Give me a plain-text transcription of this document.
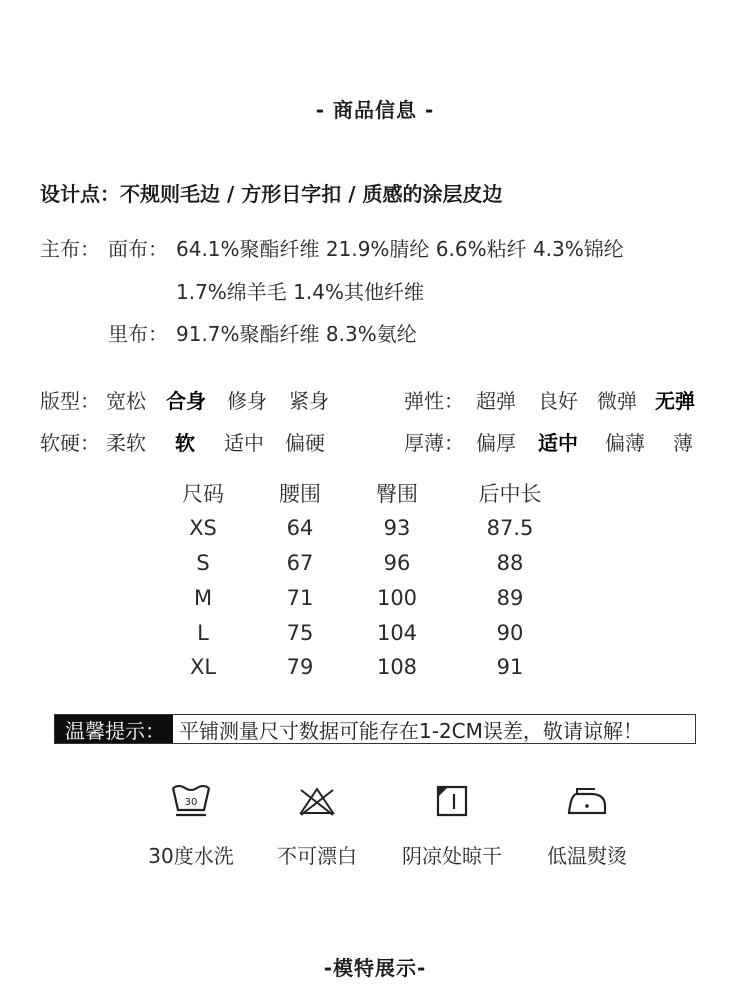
- 商品信息 -
设计点：不规则毛边 / 方形日字扣 / 质感的涂层皮边
主布： 面布： 64.1%聚酯纤维 21.9%腈纶 6.6%粘纤 4.3%锦纶
1.7%绵羊毛 1.4%其他纤维
里布： 91.7%聚酯纤维 8.3%氨纶
版型： 宽松 合身 修身 紧身	弹性： 超弹 良好 微弹 无弹
软硬： 柔软 软 适中 偏硬	厚薄： 偏厚 适中 偏薄 薄
尺码	腰围	臀围	后中长
XS	64	93	87.5
S	67	96	88
M	71	100	89
L	75	104	90
XL	79	108	91
温馨提示： 平铺测量尺寸数据可能存在1-2CM误差，敬请谅解！
30
30度水洗	不可漂白	阴凉处晾干	低温熨烫
-模特展示-
